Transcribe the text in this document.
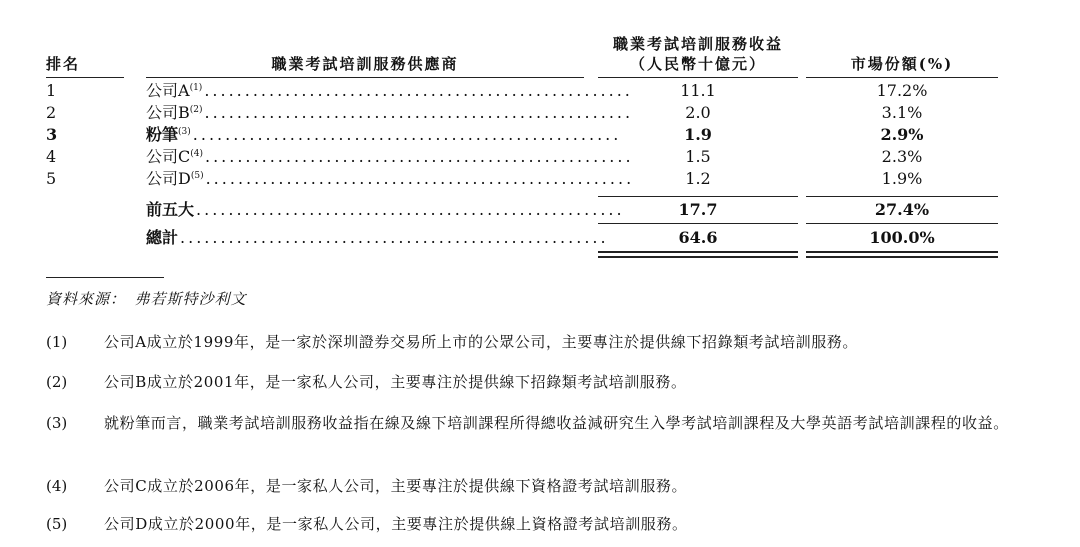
排名	職業考試培訓服務供應商
職業考試培訓服務收益
（人民幣十億元）	市場份額(%)
1	公司$A^{(1)}$ .....................................................	11.1	17.2%
2	公司$B^{(2)}$ .....................................................	2.0	3.1%
3	粉筆$^{(3)}$ .....................................................	1.9	2.9%
4	公司$C^{(4)}$ .....................................................	1.5	2.3%
5	公司$D^{(5)}$ .....................................................	1.2	1.9%
前五大 .....................................................	17.7	27.4%
總計 .....................................................	64.6	100.0%
資料來源：　弗若斯特沙利文
(1) 公司A成立於1999年，是一家於深圳證券交易所上市的公眾公司，主要專注於提供線下招錄類考試培訓服務。
(2) 公司B成立於2001年，是一家私人公司，主要專注於提供線下招錄類考試培訓服務。
(3) 就粉筆而言，職業考試培訓服務收益指在線及線下培訓課程所得總收益減研究生入學考試培訓課程及大學英語考試培訓課程的收益。
(4) 公司C成立於2006年，是一家私人公司，主要專注於提供線下資格證考試培訓服務。
(5) 公司D成立於2000年，是一家私人公司，主要專注於提供線上資格證考試培訓服務。
